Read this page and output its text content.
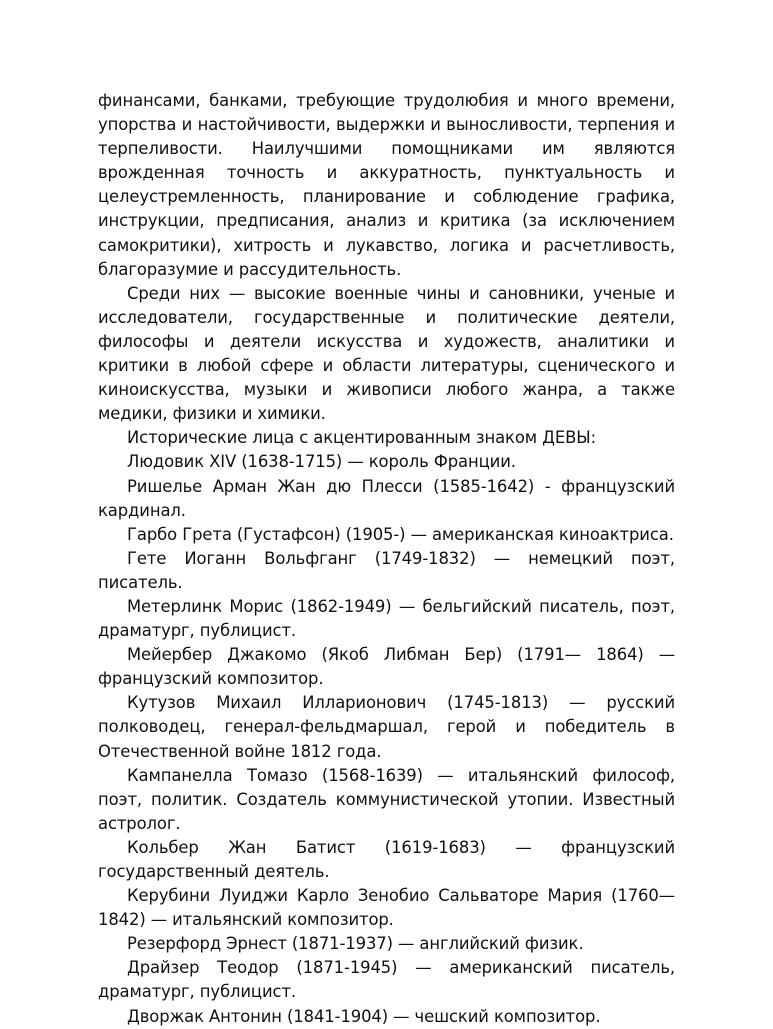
финансами, банками, требующие трудолюбия и много времени, упорства и настойчивости, выдержки и выносливости, терпения и терпеливости. Наилучшими помощниками им являются врожденная точность и аккуратность, пунктуальность и целеустремленность, планирование и соблюдение графика, инструкции, предписания, анализ и критика (за исключением самокритики), хитрость и лукавство, логика и расчетливость, благоразумие и рассудительность.

Среди них — высокие военные чины и сановники, ученые и исследователи, государственные и политические деятели, философы и деятели искусства и художеств, аналитики и критики в любой сфере и области литературы, сценического и киноискусства, музыки и живописи любого жанра, а также медики, физики и химики.

Исторические лица с акцентированным знаком ДЕВЫ:

Людовик XIV (1638-1715) — король Франции.

Ришелье Арман Жан дю Плесси (1585-1642) - французский кардинал.

Гарбо Грета (Густафсон) (1905-) — американская киноактриса.

Гете Иоганн Вольфганг (1749-1832) — немецкий поэт, писатель.

Метерлинк Морис (1862-1949) — бельгийский писатель, поэт, драматург, публицист.

Мейербер Джакомо (Якоб Либман Бер) (1791— 1864) — французский композитор.

Кутузов Михаил Илларионович (1745-1813) — русский полководец, генерал-фельдмаршал, герой и победитель в Отечественной войне 1812 года.

Кампанелла Томазо (1568-1639) — итальянский философ, поэт, политик. Создатель коммунистической утопии. Известный астролог.

Кольбер Жан Батист (1619-1683) — французский государственный деятель.

Керубини Луиджи Карло Зенобио Сальваторе Мария (1760—1842) — итальянский композитор.

Резерфорд Эрнест (1871-1937) — английский физик.

Драйзер Теодор (1871-1945) — американский писатель, драматург, публицист.

Дворжак Антонин (1841-1904) — чешский композитор.
